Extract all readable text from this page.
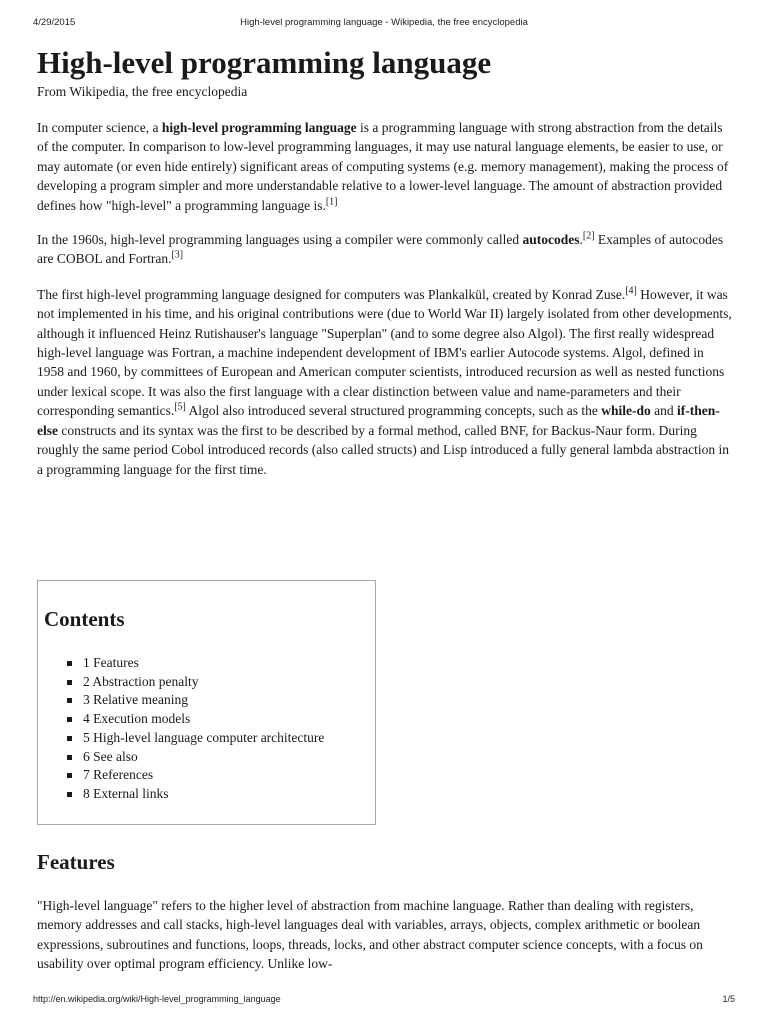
4/29/2015	High-level programming language - Wikipedia, the free encyclopedia
High-level programming language
From Wikipedia, the free encyclopedia

In computer science, a high-level programming language is a programming language with strong abstraction from the details of the computer. In comparison to low-level programming languages, it may use natural language elements, be easier to use, or may automate (or even hide entirely) significant areas of computing systems (e.g. memory management), making the process of developing a program simpler and more understandable relative to a lower-level language. The amount of abstraction provided defines how "high-level" a programming language is.[1]

In the 1960s, high-level programming languages using a compiler were commonly called autocodes.[2] Examples of autocodes are COBOL and Fortran.[3]

The first high-level programming language designed for computers was Plankalkül, created by Konrad Zuse.[4] However, it was not implemented in his time, and his original contributions were (due to World War II) largely isolated from other developments, although it influenced Heinz Rutishauser's language "Superplan" (and to some degree also Algol). The first really widespread high-level language was Fortran, a machine independent development of IBM's earlier Autocode systems. Algol, defined in 1958 and 1960, by committees of European and American computer scientists, introduced recursion as well as nested functions under lexical scope. It was also the first language with a clear distinction between value and name-parameters and their corresponding semantics.[5] Algol also introduced several structured programming concepts, such as the while-do and if-then-else constructs and its syntax was the first to be described by a formal method, called BNF, for Backus-Naur form. During roughly the same period Cobol introduced records (also called structs) and Lisp introduced a fully general lambda abstraction in a programming language for the first time.

Contents
1 Features
2 Abstraction penalty
3 Relative meaning
4 Execution models
5 High-level language computer architecture
6 See also
7 References
8 External links
Features

"High-level language" refers to the higher level of abstraction from machine language. Rather than dealing with registers, memory addresses and call stacks, high-level languages deal with variables, arrays, objects, complex arithmetic or boolean expressions, subroutines and functions, loops, threads, locks, and other abstract computer science concepts, with a focus on usability over optimal program efficiency. Unlike low-

http://en.wikipedia.org/wiki/High-level_programming_language	1/5
